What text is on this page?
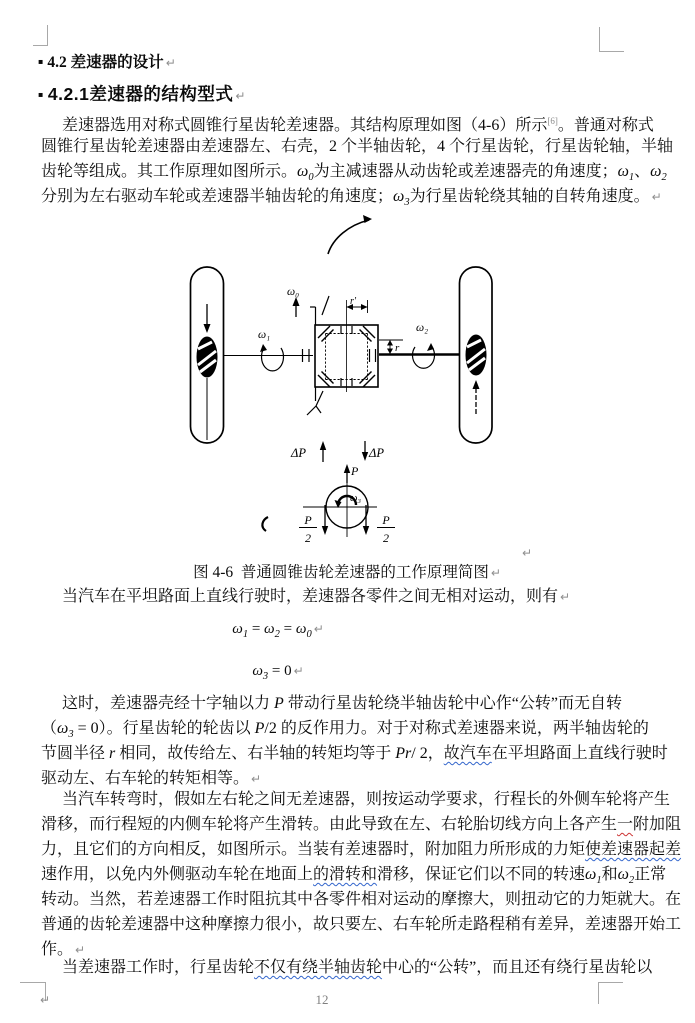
▪ 4.2 差速器的设计 ↵
▪ 4.2.1差速器的结构型式 ↵
差速器选用对称式圆锥行星齿轮差速器。其结构原理如图（4-6）所示[6]。普通对称式
圆锥行星齿轮差速器由差速器左、右壳，2 个半轴齿轮，4 个行星齿轮，行星齿轮轴，半轴
齿轮等组成。其工作原理如图所示。$\omega_0$为主减速器从动齿轮或差速器壳的角速度；$\omega_1$、$\omega_2$
分别为左右驱动车轮或差速器半轴齿轮的角速度；$\omega_3$为行星齿轮绕其轴的自转角速度。 ↵
ω₀
ω₁
ω₂
r′
r
ω₃
P
ΔP	ΔP
P
2
P
2
↵
图 4-6  普通圆锥齿轮差速器的工作原理简图 ↵
当汽车在平坦路面上直线行驶时，差速器各零件之间无相对运动，则有 ↵
$\omega_1 = \omega_2 = \omega_0$ ↵
$\omega_3 = 0$ ↵
这时，差速器壳经十字轴以力 P 带动行星齿轮绕半轴齿轮中心作“公转”而无自转
$(\omega_3 = 0)$。行星齿轮的轮齿以 P/2 的反作用力。对于对称式差速器来说，两半轴齿轮的
节圆半径 r 相同，故传给左、右半轴的转矩均等于 Pr/ 2，故汽车在平坦路面上直线行驶时
驱动左、右车轮的转矩相等。 ↵
当汽车转弯时，假如左右轮之间无差速器，则按运动学要求，行程长的外侧车轮将产生
滑移，而行程短的内侧车轮将产生滑转。由此导致在左、右轮胎切线方向上各产生一附加阻
力，且它们的方向相反，如图所示。当装有差速器时，附加阻力所形成的力矩使差速器起差
速作用，以免内外侧驱动车轮在地面上的滑转和滑移，保证它们以不同的转速$\omega_1$和$\omega_2$正常
转动。当然，若差速器工作时阻抗其中各零件相对运动的摩擦大，则扭动它的力矩就大。在
普通的齿轮差速器中这种摩擦力很小，故只要左、右车轮所走路程稍有差异，差速器开始工
作。 ↵
当差速器工作时，行星齿轮不仅有绕半轴齿轮中心的“公转”，而且还有绕行星齿轮以
↵	12
